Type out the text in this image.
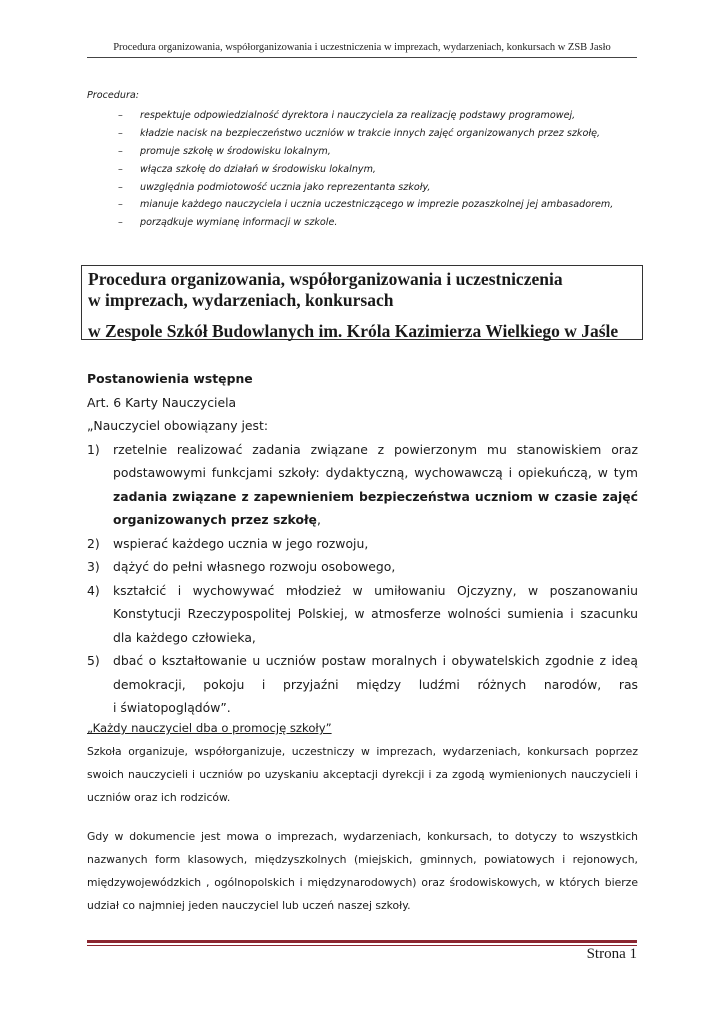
Procedura organizowania, współorganizowania i uczestniczenia w imprezach, wydarzeniach, konkursach w ZSB Jasło
Procedura:
– respektuje odpowiedzialność dyrektora i nauczyciela za realizację podstawy programowej,
– kładzie nacisk na bezpieczeństwo uczniów w trakcie innych zajęć organizowanych przez szkołę,
– promuje szkołę w środowisku lokalnym,
– włącza szkołę do działań w środowisku lokalnym,
– uwzględnia podmiotowość ucznia jako reprezentanta szkoły,
– mianuje każdego nauczyciela i ucznia uczestniczącego w imprezie pozaszkolnej jej ambasadorem,
– porządkuje wymianę informacji w szkole.
Procedura organizowania, współorganizowania i uczestniczenia
w imprezach, wydarzeniach, konkursach
w Zespole Szkół Budowlanych im. Króla Kazimierza Wielkiego w Jaśle
Postanowienia wstępne
Art. 6 Karty Nauczyciela
„Nauczyciel obowiązany jest:
1) rzetelnie realizować zadania związane z powierzonym mu stanowiskiem oraz
podstawowymi funkcjami szkoły: dydaktyczną, wychowawczą i opiekuńczą, w tym
zadania związane z zapewnieniem bezpieczeństwa uczniom w czasie zajęć organizowanych przez szkołę,
2) wspierać każdego ucznia w jego rozwoju,
3) dążyć do pełni własnego rozwoju osobowego,
4) kształcić i wychowywać młodzież w umiłowaniu Ojczyzny, w poszanowaniu Konstytucji Rzeczypospolitej Polskiej, w atmosferze wolności sumienia i szacunku dla każdego człowieka,
5) dbać o kształtowanie u uczniów postaw moralnych i obywatelskich zgodnie z ideą
demokracji, pokoju i przyjaźni między ludźmi różnych narodów, ras
i światopoglądów”.
„Każdy nauczyciel dba o promocję szkoły”

Szkoła organizuje, współorganizuje, uczestniczy w imprezach, wydarzeniach, konkursach poprzez swoich nauczycieli i uczniów po uzyskaniu akceptacji dyrekcji i za zgodą wymienionych nauczycieli i uczniów oraz ich rodziców.

Gdy w dokumencie jest mowa o imprezach, wydarzeniach, konkursach, to dotyczy to wszystkich nazwanych form klasowych, międzyszkolnych (miejskich, gminnych, powiatowych i rejonowych, międzywojewódzkich , ogólnopolskich i międzynarodowych) oraz środowiskowych, w których bierze udział co najmniej jeden nauczyciel lub uczeń naszej szkoły.

Strona 1
